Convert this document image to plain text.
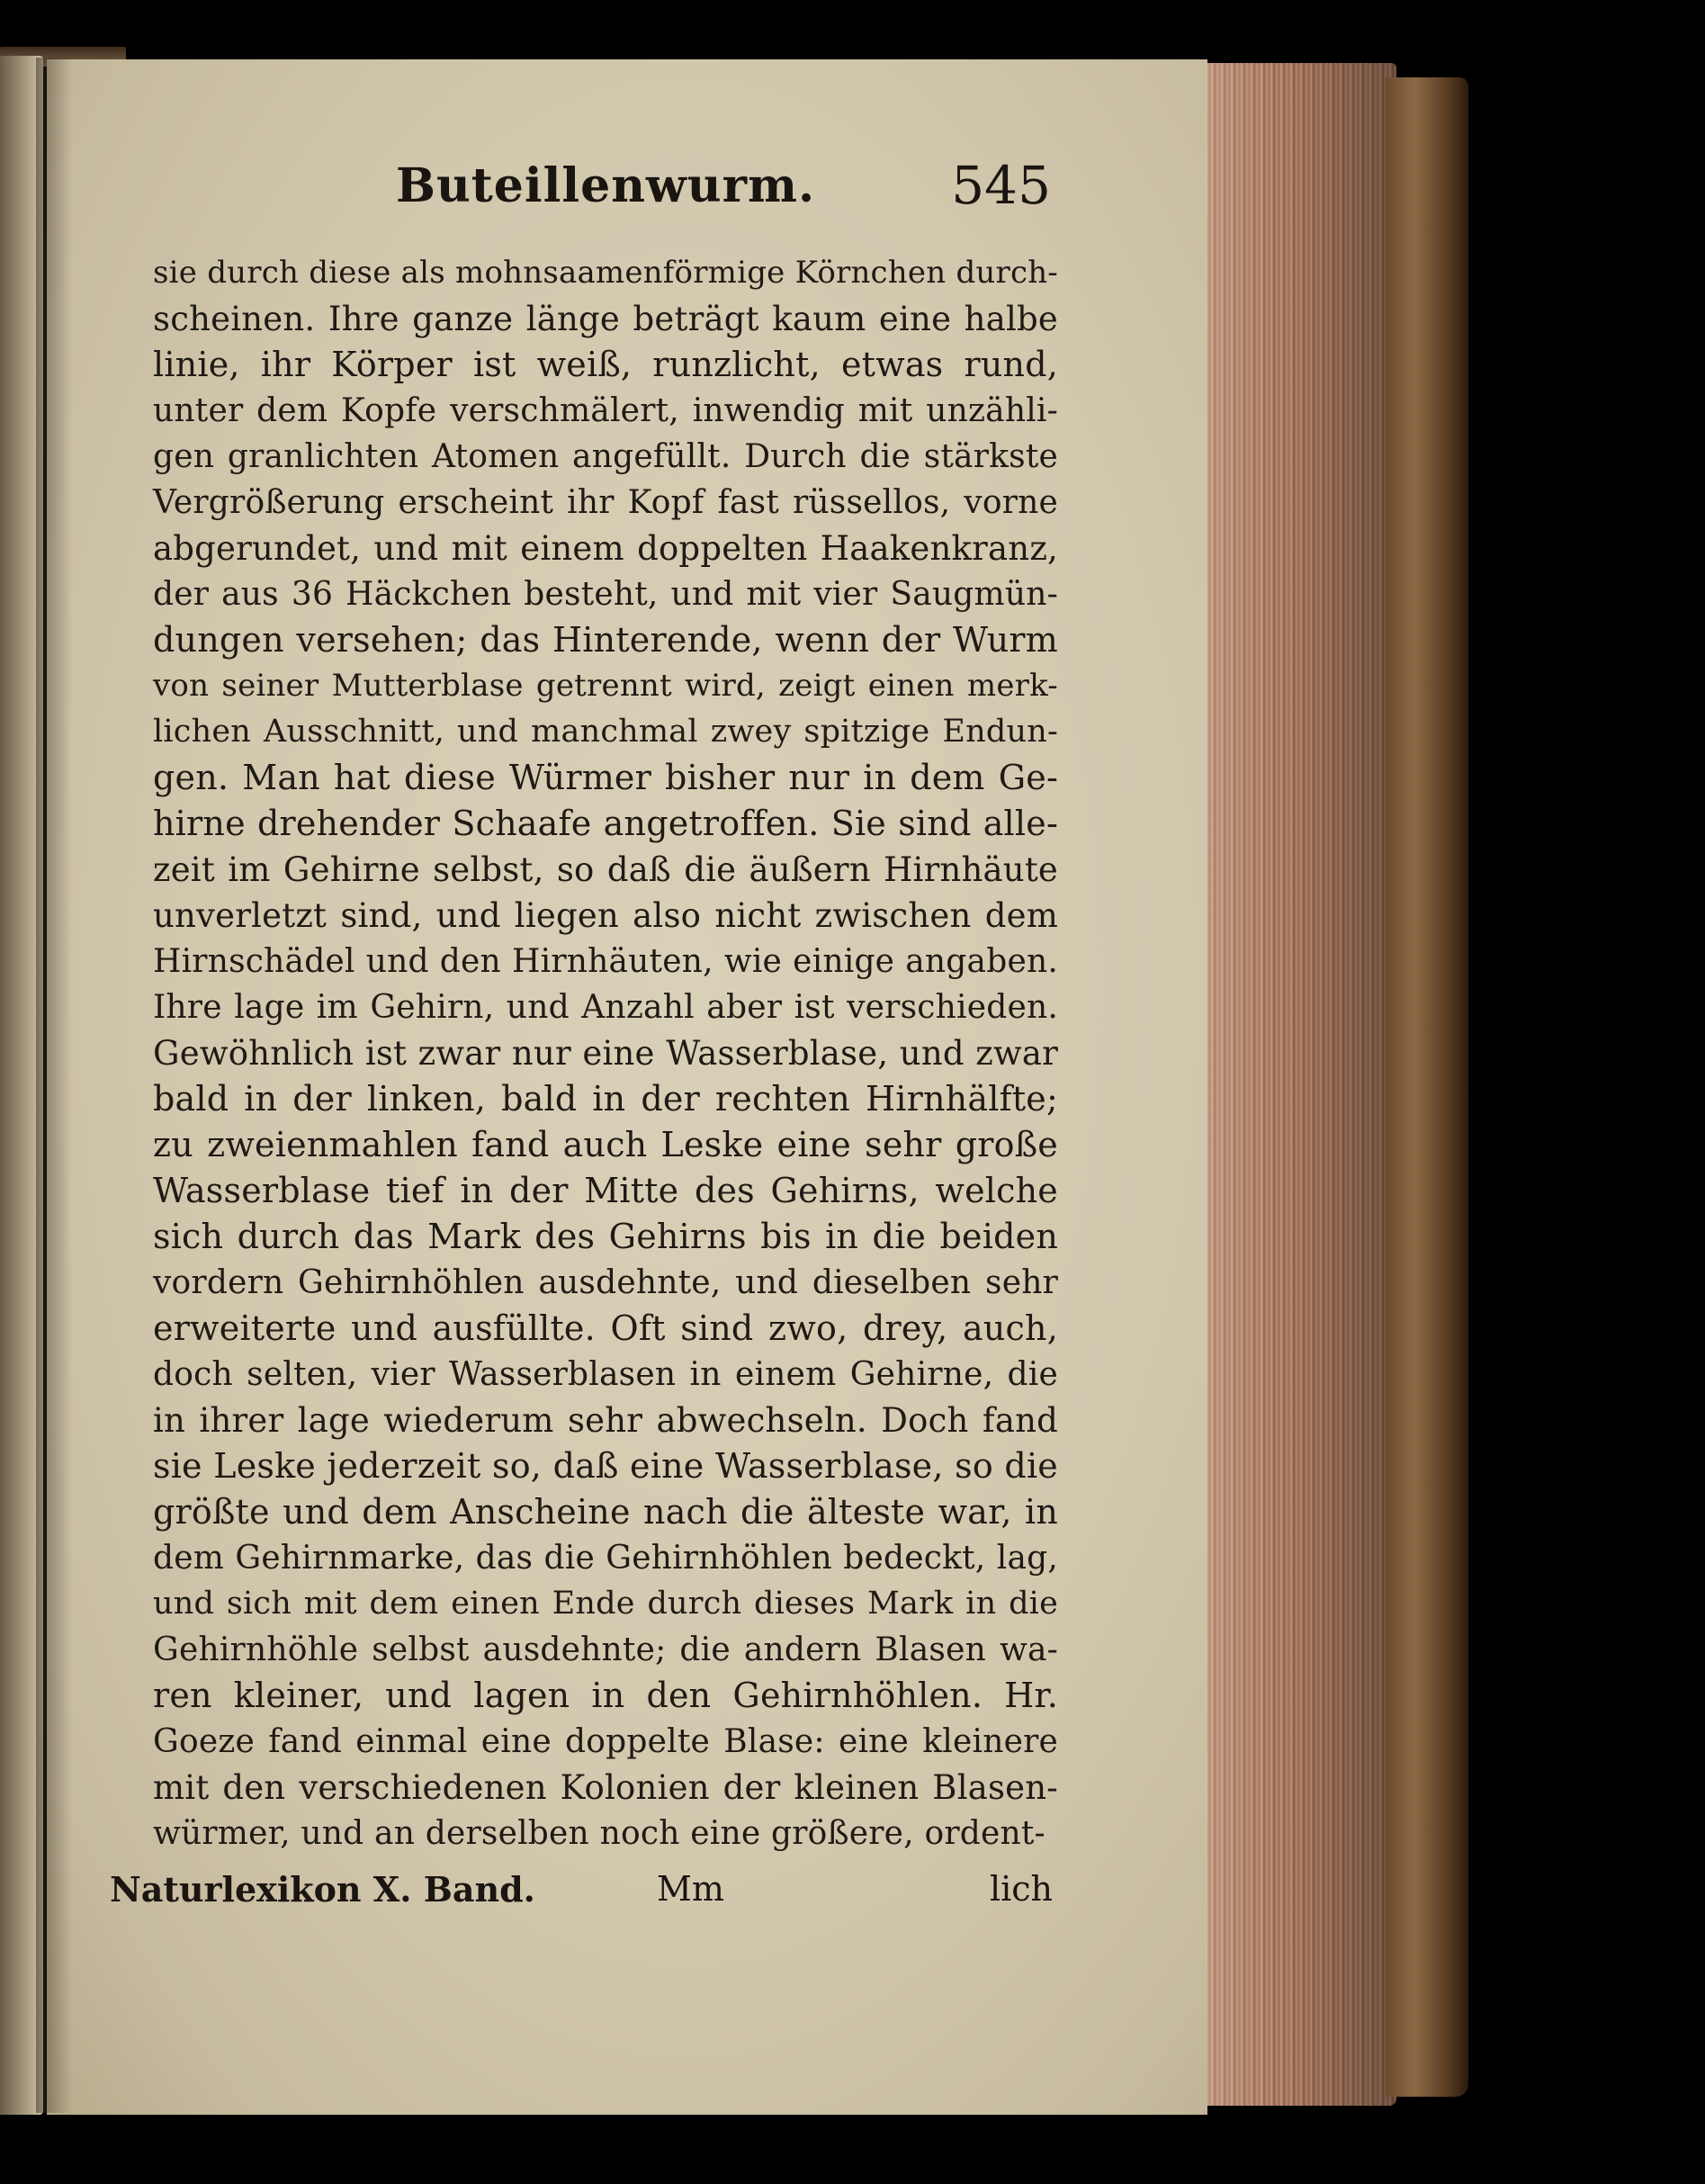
Buteillenwurm.	545
sie durch diese als mohnsaamenförmige Körnchen durch-
scheinen. Ihre ganze länge beträgt kaum eine halbe
linie, ihr Körper ist weiß, runzlicht, etwas rund,
unter dem Kopfe verschmälert, inwendig mit unzähli-
gen granlichten Atomen angefüllt. Durch die stärkste
Vergrößerung erscheint ihr Kopf fast rüssellos, vorne
abgerundet, und mit einem doppelten Haakenkranz,
der aus 36 Häckchen besteht, und mit vier Saugmün-
dungen versehen; das Hinterende, wenn der Wurm
von seiner Mutterblase getrennt wird, zeigt einen merk-
lichen Ausschnitt, und manchmal zwey spitzige Endun-
gen. Man hat diese Würmer bisher nur in dem Ge-
hirne drehender Schaafe angetroffen. Sie sind alle-
zeit im Gehirne selbst, so daß die äußern Hirnhäute
unverletzt sind, und liegen also nicht zwischen dem
Hirnschädel und den Hirnhäuten, wie einige angaben.
Ihre lage im Gehirn, und Anzahl aber ist verschieden.
Gewöhnlich ist zwar nur eine Wasserblase, und zwar
bald in der linken, bald in der rechten Hirnhälfte;
zu zweienmahlen fand auch Leske eine sehr große
Wasserblase tief in der Mitte des Gehirns, welche
sich durch das Mark des Gehirns bis in die beiden
vordern Gehirnhöhlen ausdehnte, und dieselben sehr
erweiterte und ausfüllte. Oft sind zwo, drey, auch,
doch selten, vier Wasserblasen in einem Gehirne, die
in ihrer lage wiederum sehr abwechseln. Doch fand
sie Leske jederzeit so, daß eine Wasserblase, so die
größte und dem Anscheine nach die älteste war, in
dem Gehirnmarke, das die Gehirnhöhlen bedeckt, lag,
und sich mit dem einen Ende durch dieses Mark in die
Gehirnhöhle selbst ausdehnte; die andern Blasen wa-
ren kleiner, und lagen in den Gehirnhöhlen. Hr.
Goeze fand einmal eine doppelte Blase: eine kleinere
mit den verschiedenen Kolonien der kleinen Blasen-
würmer, und an derselben noch eine größere, ordent-
Naturlexikon X. Band.	Mm	lich
